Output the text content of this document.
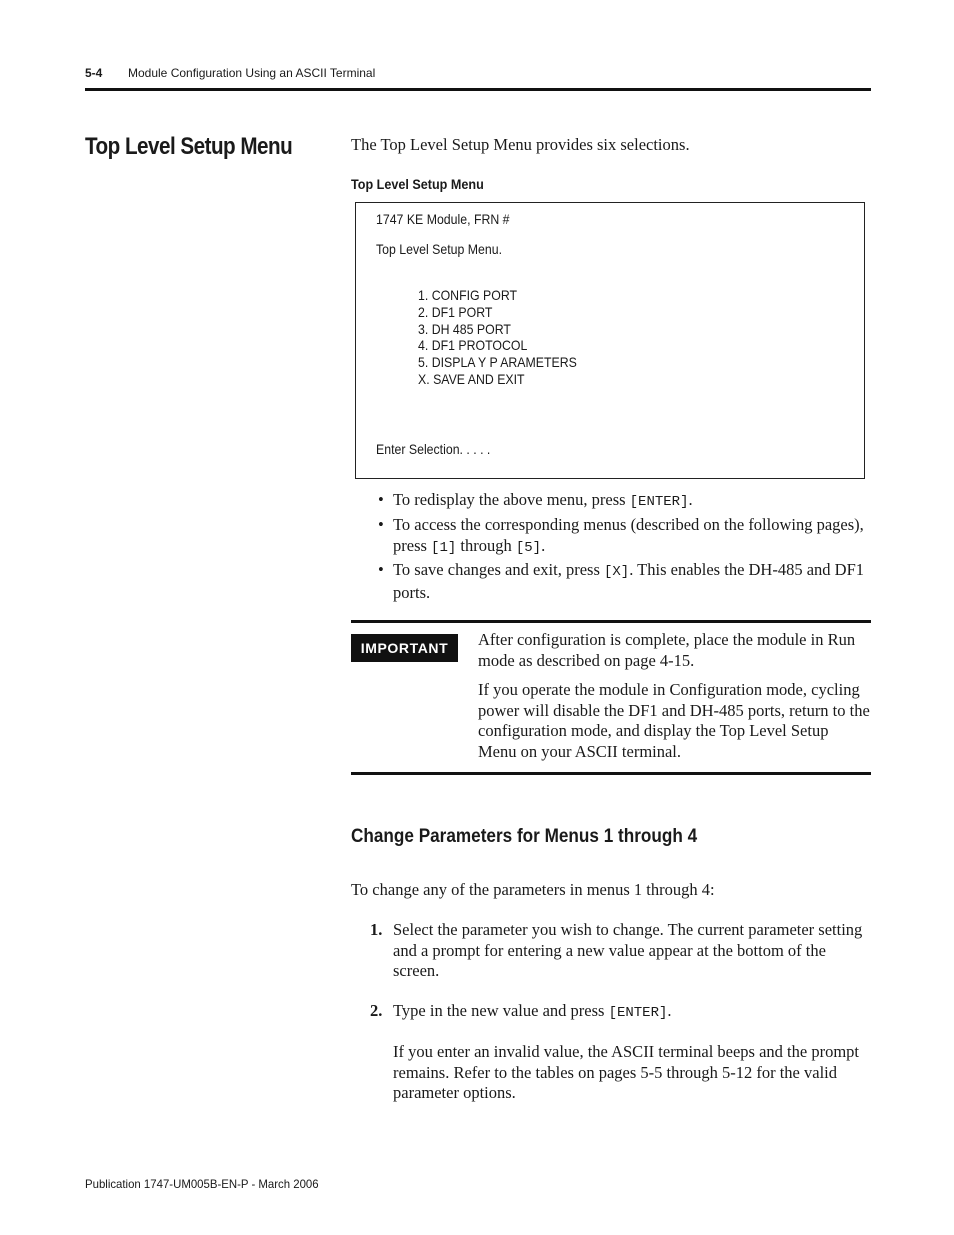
5-4 Module Configuration Using an ASCII Terminal
Top Level Setup Menu	The Top Level Setup Menu provides six selections.
Top Level Setup Menu
1747 KE Module, FRN #
Top Level Setup Menu.
1. CONFIG PORT
2. DF1 PORT
3. DH 485 PORT
4. DF1 PROTOCOL
5. DISPLA Y P ARAMETERS
X. SAVE AND EXIT
Enter Selection. . . . .
• To redisplay the above menu, press [ENTER].
• To access the corresponding menus (described on the following pages), press [1] through [5].
• To save changes and exit, press [X]. This enables the DH-485 and DF1 ports.
IMPORTANT	After configuration is complete, place the module in Run mode as described on page 4-15.
If you operate the module in Configuration mode, cycling power will disable the DF1 and DH-485 ports, return to the configuration mode, and display the Top Level Setup Menu on your ASCII terminal.
Change Parameters for Menus 1 through 4
To change any of the parameters in menus 1 through 4:
1. Select the parameter you wish to change. The current parameter setting and a prompt for entering a new value appear at the bottom of the screen.
2. Type in the new value and press [ENTER].
If you enter an invalid value, the ASCII terminal beeps and the prompt remains. Refer to the tables on pages 5-5 through 5-12 for the valid parameter options.
Publication 1747-UM005B-EN-P - March 2006
